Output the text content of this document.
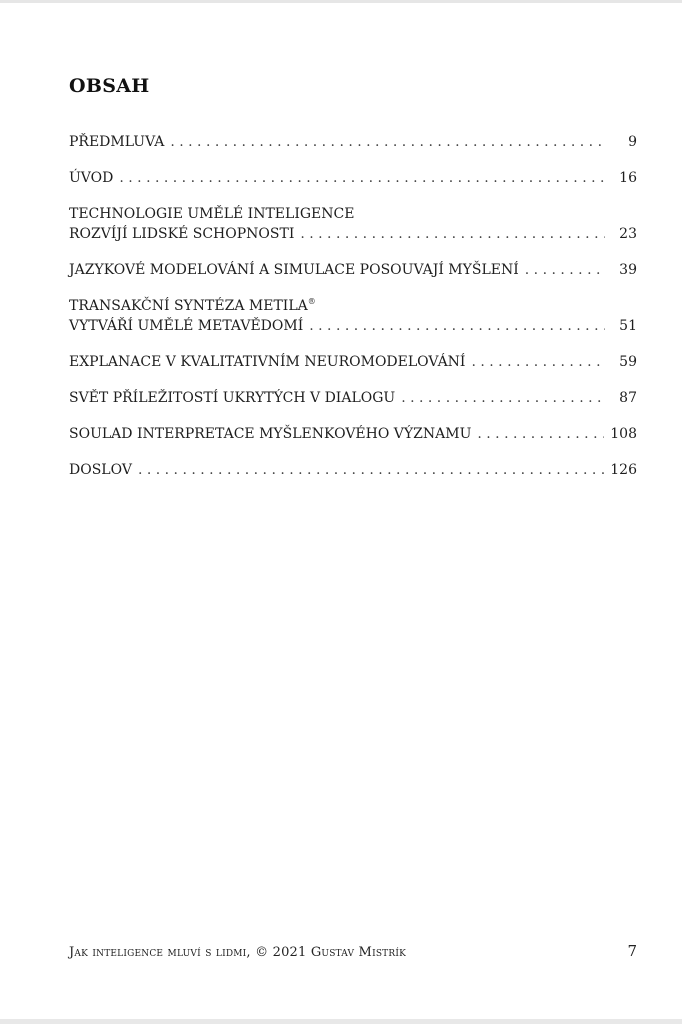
OBSAH
PŘEDMLUVA . . .	9
ÚVOD . . .	16
TECHNOLOGIE UMĚLÉ INTELIGENCE
ROZVÍJÍ LIDSKÉ SCHOPNOSTI . . .	23
JAZYKOVÉ MODELOVÁNÍ A SIMULACE POSOUVAJÍ MYŠLENÍ . . .	39
TRANSAKČNÍ SYNTÉZA METILA®
VYTVÁŘÍ UMĚLÉ METAVĚDOMÍ . . .	51
EXPLANACE V KVALITATIVNÍM NEUROMODELOVÁNÍ . . .	59
SVĚT PŘÍLEŽITOSTÍ UKRYTÝCH V DIALOGU . . .	87
SOULAD INTERPRETACE MYŠLENKOVÉHO VÝZNAMU . . .	108
DOSLOV . . .	126
Jak inteligence mluví s lidmi, © 2021 Gustav Mistrík	7
